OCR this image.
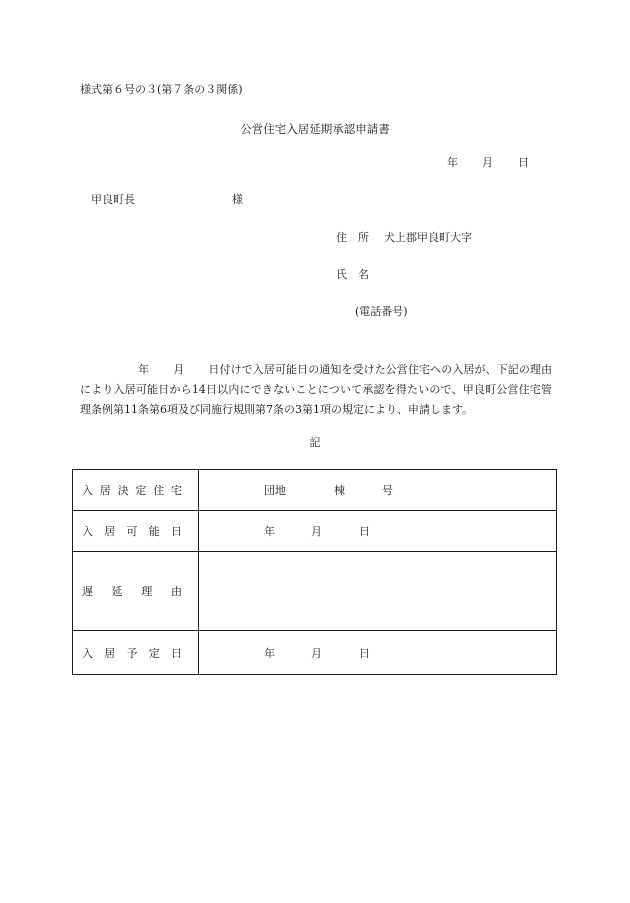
様式第６号の３(第７条の３関係)
公営住宅入居延期承認申請書
年 月 日
甲良町長	様
住　所 犬上郡甲良町大字
氏　名
(電話番号)
年 月 日付けで入居可能日の通知を受けた公営住宅への入居が、下記の理由により入居可能日から14日以内にできないことについて承認を得たいので、甲良町公営住宅管理条例第11条第6項及び同施行規則第7条の3第1項の規定により、申請します。
記
入居決定住宅	団地 棟 号

入居可能日	年 月 日

遅延理由	

入居予定日	年 月 日
